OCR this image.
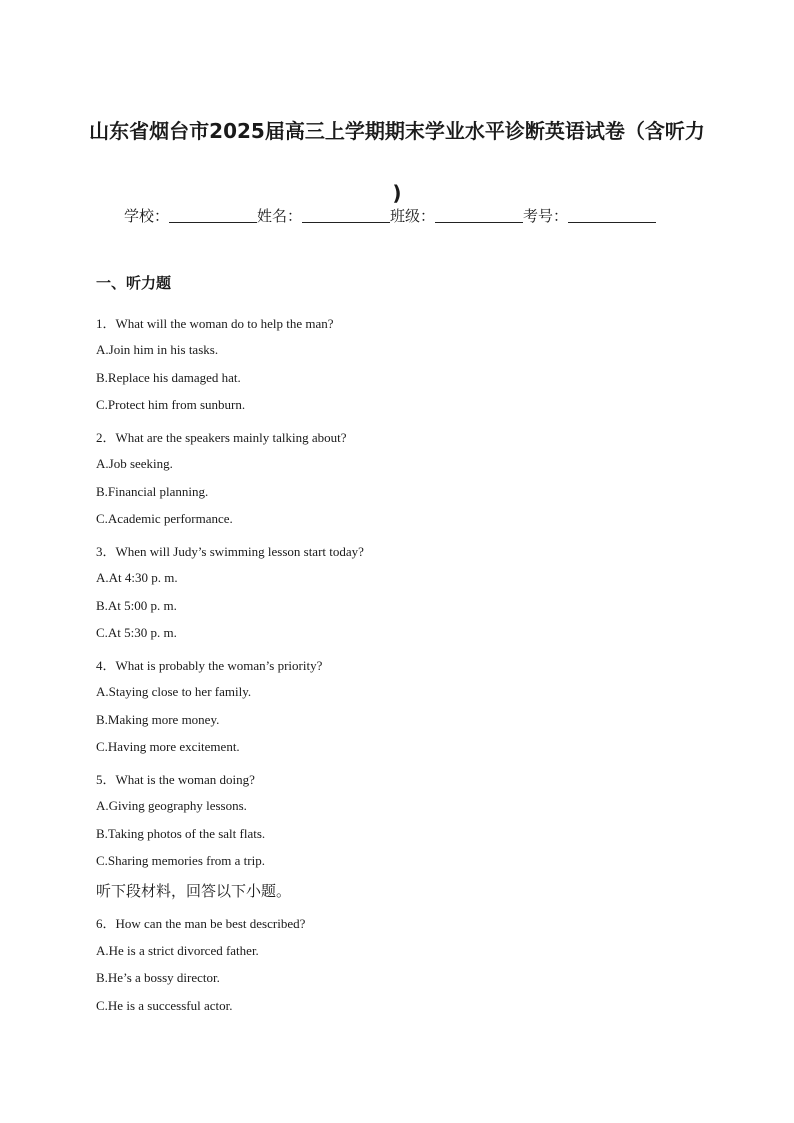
山东省烟台市2025届高三上学期期末学业水平诊断英语试卷（含听力
)
学校：	姓名：	班级：	考号：
一、听力题
1．What will the woman do to help the man?
A.Join him in his tasks.
B.Replace his damaged hat.
C.Protect him from sunburn.
2．What are the speakers mainly talking about?
A.Job seeking.
B.Financial planning.
C.Academic performance.
3．When will Judy’s swimming lesson start today?
A.At 4:30 p. m.
B.At 5:00 p. m.
C.At 5:30 p. m.
4．What is probably the woman’s priority?
A.Staying close to her family.
B.Making more money.
C.Having more excitement.
5．What is the woman doing?
A.Giving geography lessons.
B.Taking photos of the salt flats.
C.Sharing memories from a trip.
听下段材料，回答以下小题。
6．How can the man be best described?
A.He is a strict divorced father.
B.He’s a bossy director.
C.He is a successful actor.
